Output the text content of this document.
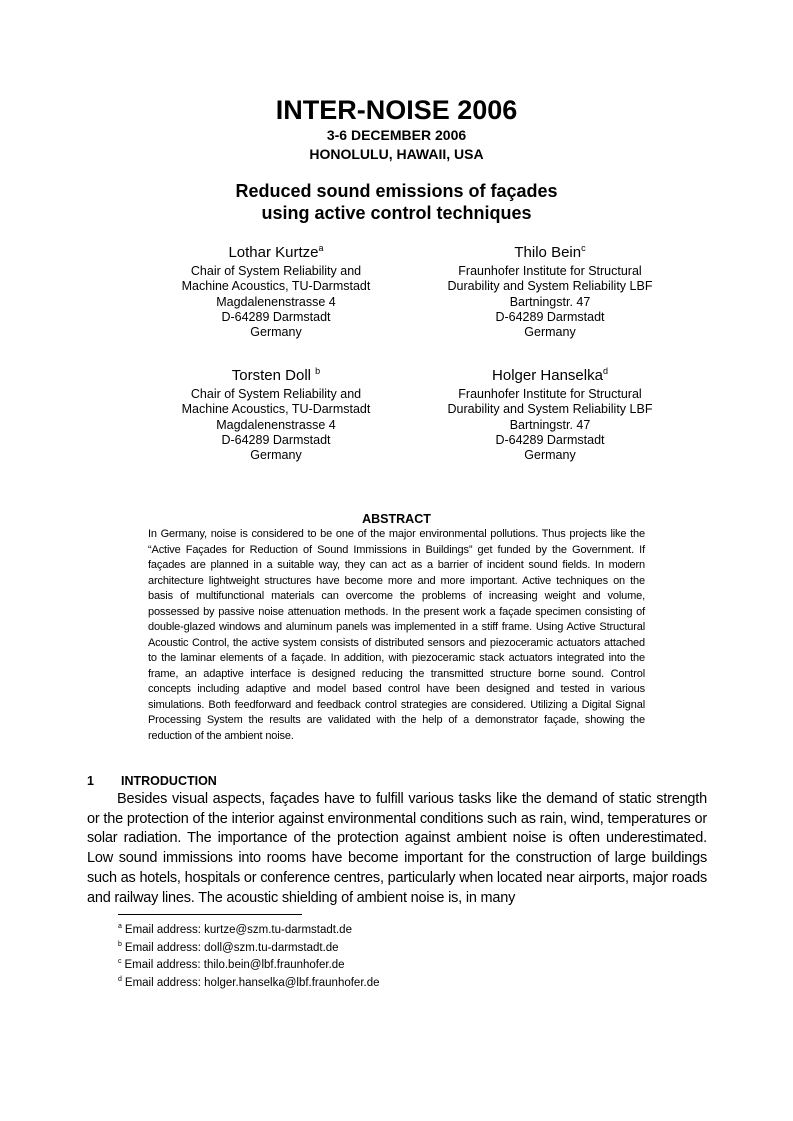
INTER-NOISE 2006
3-6 DECEMBER 2006
HONOLULU, HAWAII, USA
Reduced sound emissions of façades
using active control techniques
Lothar Kurtze$^a$
Chair of System Reliability and
Machine Acoustics, TU-Darmstadt
Magdalenenstrasse 4
D-64289 Darmstadt
Germany
Thilo Bein$^c$
Fraunhofer Institute for Structural
Durability and System Reliability LBF
Bartningstr. 47
D-64289 Darmstadt
Germany
Torsten Doll $^b$
Chair of System Reliability and
Machine Acoustics, TU-Darmstadt
Magdalenenstrasse 4
D-64289 Darmstadt
Germany
Holger Hanselka$^d$
Fraunhofer Institute for Structural
Durability and System Reliability LBF
Bartningstr. 47
D-64289 Darmstadt
Germany
ABSTRACT
In Germany, noise is considered to be one of the major environmental pollutions. Thus projects like the “Active Façades for Reduction of Sound Immissions in Buildings” get funded by the Government. If façades are planned in a suitable way, they can act as a barrier of incident sound fields. In modern architecture lightweight structures have become more and more important. Active techniques on the basis of multifunctional materials can overcome the problems of increasing weight and volume, possessed by passive noise attenuation methods. In the present work a façade specimen consisting of double-glazed windows and aluminum panels was implemented in a stiff frame. Using Active Structural Acoustic Control, the active system consists of distributed sensors and piezoceramic actuators attached to the laminar elements of a façade. In addition, with piezoceramic stack actuators integrated into the frame, an adaptive interface is designed reducing the transmitted structure borne sound. Control concepts including adaptive and model based control have been designed and tested in various simulations. Both feedforward and feedback control strategies are considered. Utilizing a Digital Signal Processing System the results are validated with the help of a demonstrator façade, showing the reduction of the ambient noise.
1 INTRODUCTION
Besides visual aspects, façades have to fulfill various tasks like the demand of static strength or the protection of the interior against environmental conditions such as rain, wind, temperatures or solar radiation. The importance of the protection against ambient noise is often underestimated. Low sound immissions into rooms have become important for the construction of large buildings such as hotels, hospitals or conference centres, particularly when located near airports, major roads and railway lines. The acoustic shielding of ambient noise is, in many
$^a$ Email address: kurtze@szm.tu-darmstadt.de
$^b$ Email address: doll@szm.tu-darmstadt.de
$^c$ Email address: thilo.bein@lbf.fraunhofer.de
$^d$ Email address: holger.hanselka@lbf.fraunhofer.de
